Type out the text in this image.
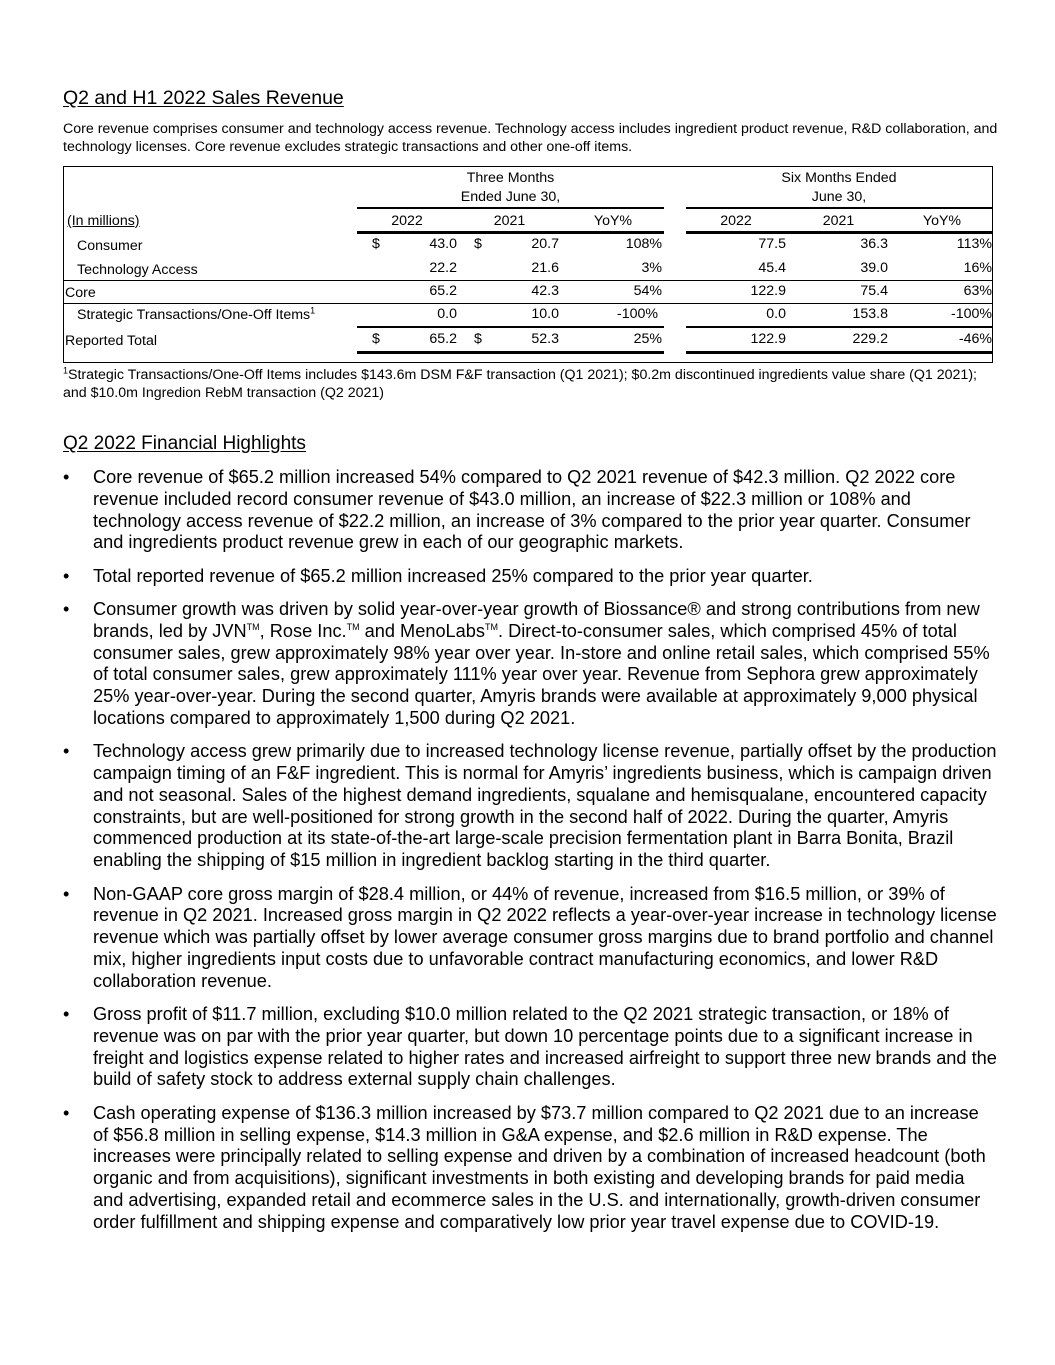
Q2 and H1 2022 Sales Revenue
Core revenue comprises consumer and technology access revenue. Technology access includes ingredient product revenue, R&D collaboration, and technology licenses. Core revenue excludes strategic transactions and other one-off items.
Three Months
Ended June 30,
Six Months Ended
June 30,
(In millions)	2022	2021	YoY%	2022	2021	YoY%
Consumer	$	43.0 $	20.7	108%	77.5	36.3	113%
Technology Access	22.2	21.6	3%	45.4	39.0	16%
Core	65.2	42.3	54%	122.9	75.4	63%
Strategic Transactions/One-Off Items$^1$	0.0	10.0	-100%	0.0	153.8	-100%
Reported Total	$	65.2 $	52.3	25%	122.9	229.2	-46%
$^1$Strategic Transactions/One-Off Items includes $143.6m DSM F&F transaction (Q1 2021); $0.2m discontinued ingredients value share (Q1 2021); and $10.0m Ingredion RebM transaction (Q2 2021)
Q2 2022 Financial Highlights
• Core revenue of $65.2 million increased 54% compared to Q2 2021 revenue of $42.3 million. Q2 2022 core revenue included record consumer revenue of $43.0 million, an increase of $22.3 million or 108% and technology access revenue of $22.2 million, an increase of 3% compared to the prior year quarter. Consumer and ingredients product revenue grew in each of our geographic markets.
• Total reported revenue of $65.2 million increased 25% compared to the prior year quarter.
• Consumer growth was driven by solid year-over-year growth of Biossance® and strong contributions from new brands, led by JVN™, Rose Inc.™ and MenoLabs™. Direct-to-consumer sales, which comprised 45% of total consumer sales, grew approximately 98% year over year. In-store and online retail sales, which comprised 55% of total consumer sales, grew approximately 111% year over year. Revenue from Sephora grew approximately 25% year-over-year. During the second quarter, Amyris brands were available at approximately 9,000 physical locations compared to approximately 1,500 during Q2 2021.
• Technology access grew primarily due to increased technology license revenue, partially offset by the production campaign timing of an F&F ingredient. This is normal for Amyris’ ingredients business, which is campaign driven and not seasonal. Sales of the highest demand ingredients, squalane and hemisqualane, encountered capacity constraints, but are well-positioned for strong growth in the second half of 2022. During the quarter, Amyris commenced production at its state-of-the-art large-scale precision fermentation plant in Barra Bonita, Brazil enabling the shipping of $15 million in ingredient backlog starting in the third quarter.
• Non-GAAP core gross margin of $28.4 million, or 44% of revenue, increased from $16.5 million, or 39% of revenue in Q2 2021. Increased gross margin in Q2 2022 reflects a year-over-year increase in technology license revenue which was partially offset by lower average consumer gross margins due to brand portfolio and channel mix, higher ingredients input costs due to unfavorable contract manufacturing economics, and lower R&D collaboration revenue.
• Gross profit of $11.7 million, excluding $10.0 million related to the Q2 2021 strategic transaction, or 18% of revenue was on par with the prior year quarter, but down 10 percentage points due to a significant increase in freight and logistics expense related to higher rates and increased airfreight to support three new brands and the build of safety stock to address external supply chain challenges.
• Cash operating expense of $136.3 million increased by $73.7 million compared to Q2 2021 due to an increase of $56.8 million in selling expense, $14.3 million in G&A expense, and $2.6 million in R&D expense. The increases were principally related to selling expense and driven by a combination of increased headcount (both organic and from acquisitions), significant investments in both existing and developing brands for paid media and advertising, expanded retail and ecommerce sales in the U.S. and internationally, growth-driven consumer order fulfillment and shipping expense and comparatively low prior year travel expense due to COVID-19.
